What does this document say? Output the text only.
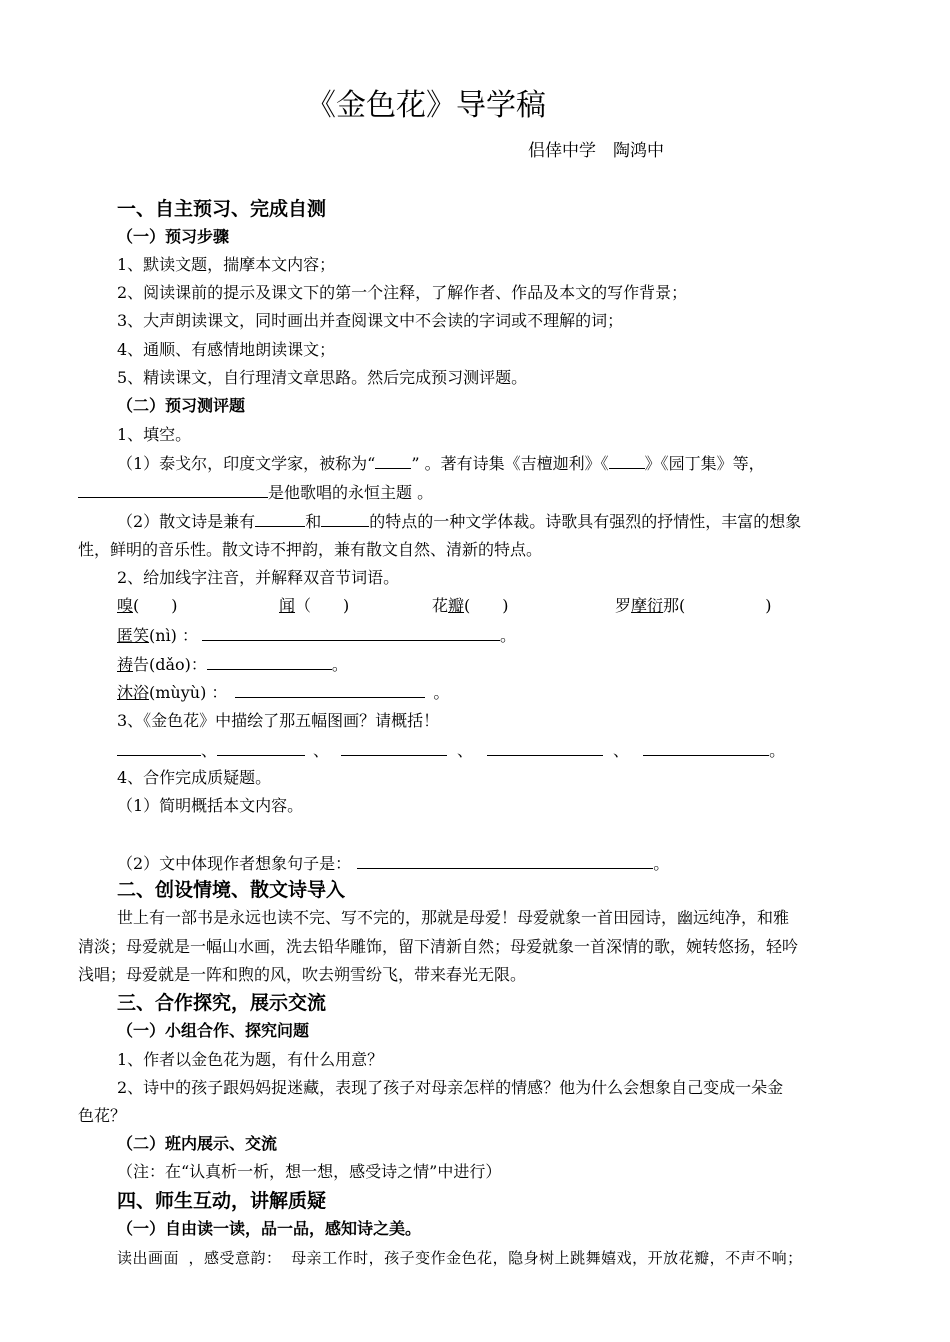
《金色花》导学稿
侣倖中学　陶鸿中
一、自主预习、完成自测
（一）预习步骤
1、默读文题，揣摩本文内容；
2、阅读课前的提示及课文下的第一个注释，了解作者、作品及本文的写作背景；
3、大声朗读课文，同时画出并查阅课文中不会读的字词或不理解的词；
4、通顺、有感情地朗读课文；
5、精读课文，自行理清文章思路。然后完成预习测评题。
（二）预习测评题
1、填空。
（1）泰戈尔，印度文学家，被称为“ ” 。著有诗集《吉檀迦利》《 》《园丁集》等，
是他歌唱的永恒主题 。
（2）散文诗是兼有	和	的特点的一种文学体裁。诗歌具有强烈的抒情性，丰富的想象
性，鲜明的音乐性。散文诗不押韵，兼有散文自然、清新的特点。
2、给加线字注音，并解释双音节词语。
嗅(　　)	闻（　　)	花瓣(　　)	罗摩衍那(　　　　　)
匿笑(nì) ：	。
祷告(dǎo)：	。
沐浴(mùyù) ：	。
3、《金色花》中描绘了那五幅图画？请概括！
、	、	、	、	。
4、合作完成质疑题。
（1）简明概括本文内容。
（2）文中体现作者想象句子是：	。
二、创设情境、散文诗导入
世上有一部书是永远也读不完、写不完的，那就是母爱！母爱就象一首田园诗，幽远纯净，和雅
清淡；母爱就是一幅山水画，洗去铅华雕饰，留下清新自然；母爱就象一首深情的歌，婉转悠扬，轻吟
浅唱；母爱就是一阵和煦的风，吹去朔雪纷飞，带来春光无限。
三、合作探究，展示交流
（一）小组合作、探究问题
1、作者以金色花为题，有什么用意？
2、诗中的孩子跟妈妈捉迷藏，表现了孩子对母亲怎样的情感？他为什么会想象自己变成一朵金
色花？
（二）班内展示、交流
（注：在“认真析一析，想一想，感受诗之情”中进行）
四、师生互动，讲解质疑
（一）自由读一读，品一品，感知诗之美。
读出画面 ，感受意韵： 母亲工作时，孩子变作金色花，隐身树上跳舞嬉戏，开放花瓣，不声不响；
